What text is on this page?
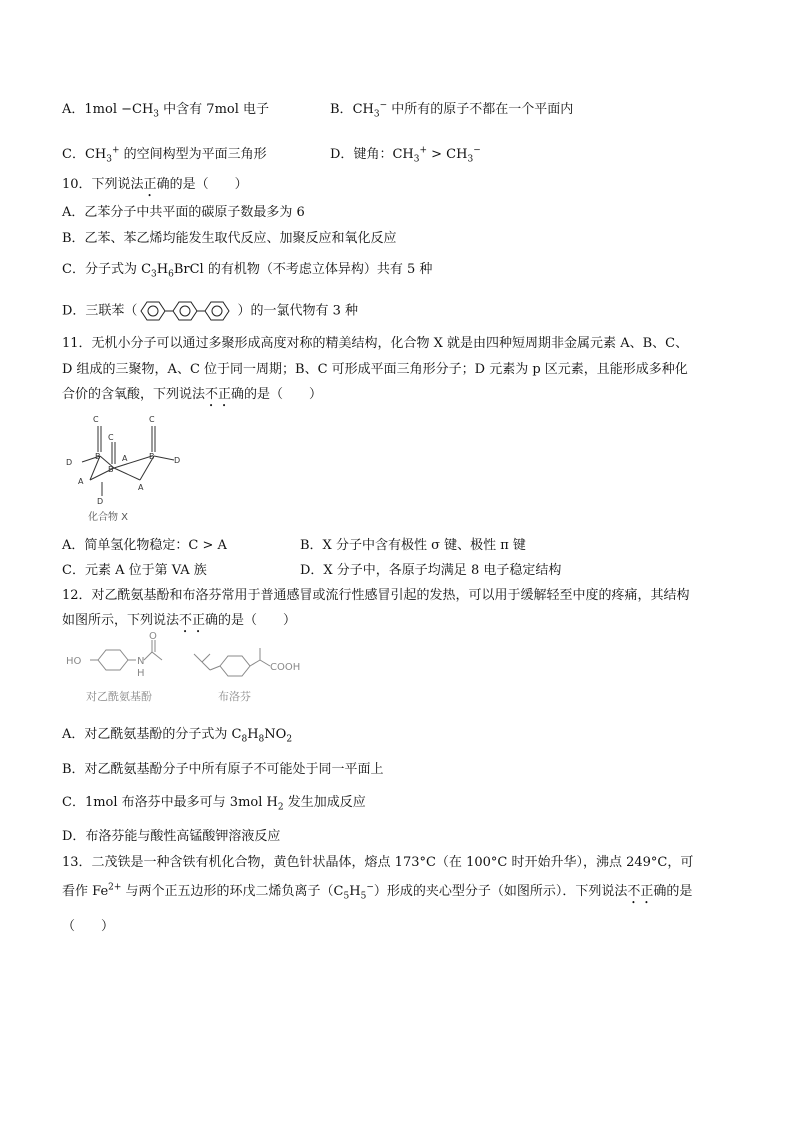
A．$1mol -CH_3$ 中含有 7mol 电子	B．$CH_3^-$ 中所有的原子不都在一个平面内
C．$CH_3^+$ 的空间构型为平面三角形	D．键角：$CH_3^+ > CH_3^-$
10．下列说法正确的是（　　）
A．乙苯分子中共平面的碳原子数最多为 6
B．乙苯、苯乙烯均能发生取代反应、加聚反应和氧化反应
C．分子式为 $C_3H_6BrCl$ 的有机物（不考虑立体异构）共有 5 种
D．三联苯（	）的一氯代物有 3 种
11．无机小分子可以通过多聚形成高度对称的精美结构，化合物 X 就是由四种短周期非金属元素 A、B、C、
D 组成的三聚物，A、C 位于同一周期；B、C 可形成平面三角形分子；D 元素为 p 区元素，且能形成多种化
合价的含氧酸，下列说法不正确的是（　　）
C
C
C
B
B
B
A
A
A
D	D
D
化合物 X
A．简单氢化物稳定：C > A	B．X 分子中含有极性 σ 键、极性 π 键
C．元素 A 位于第 VA 族	D．X 分子中，各原子均满足 8 电子稳定结构
12．对乙酰氨基酚和布洛芬常用于普通感冒或流行性感冒引起的发热，可以用于缓解轻至中度的疼痛，其结构
如图所示，下列说法不正确的是（　　）
HO	N
H
O
对乙酰氨基酚
COOH
布洛芬
A．对乙酰氨基酚的分子式为 $C_8H_8NO_2$
B．对乙酰氨基酚分子中所有原子不可能处于同一平面上
C．1mol 布洛芬中最多可与 3mol $H_2$ 发生加成反应
D．布洛芬能与酸性高锰酸钾溶液反应
13．二茂铁是一种含铁有机化合物，黄色针状晶体，熔点 173°C（在 100°C 时开始升华），沸点 249°C，可
看作 $Fe^{2+}$ 与两个正五边形的环戊二烯负离子$(C_5H_5^-)$形成的夹心型分子（如图所示）．下列说法不正确的是
（　　）
